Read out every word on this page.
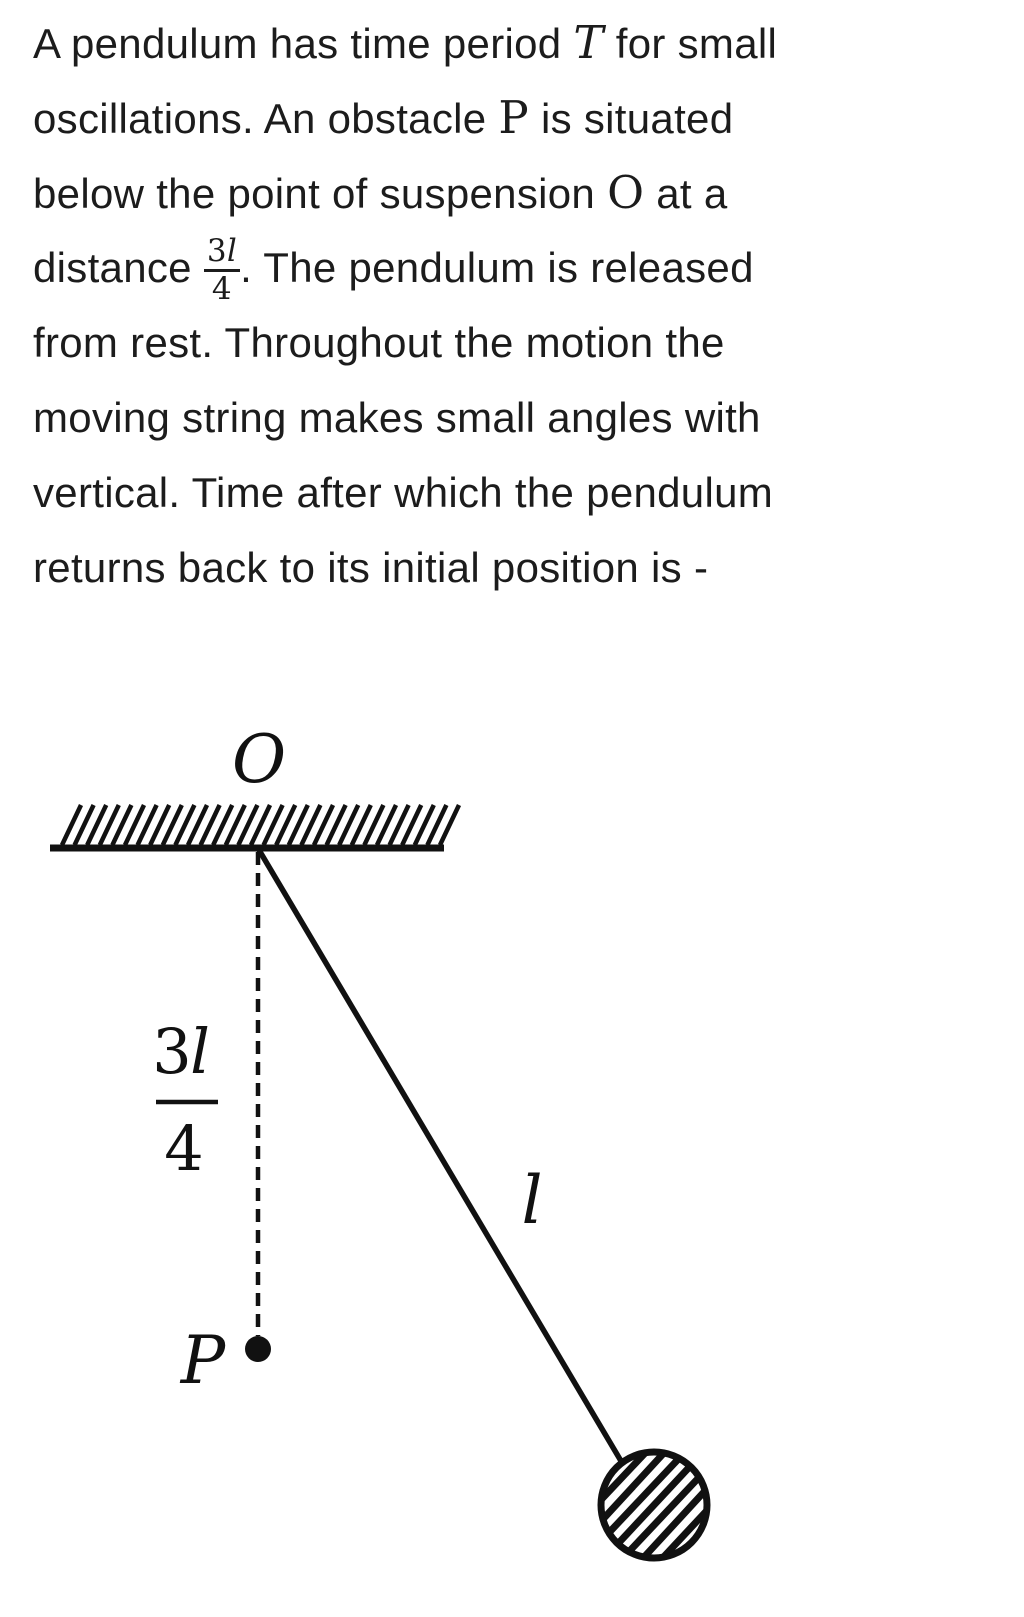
A pendulum has time period T for small
oscillations. An obstacle P is situated
below the point of suspension O at a
distance $\frac{3l}{4}$ . The pendulum is released
from rest. Throughout the motion the
moving string makes small angles with
vertical. Time after which the pendulum
returns back to its initial position is -
O
3
l
4
l
P
